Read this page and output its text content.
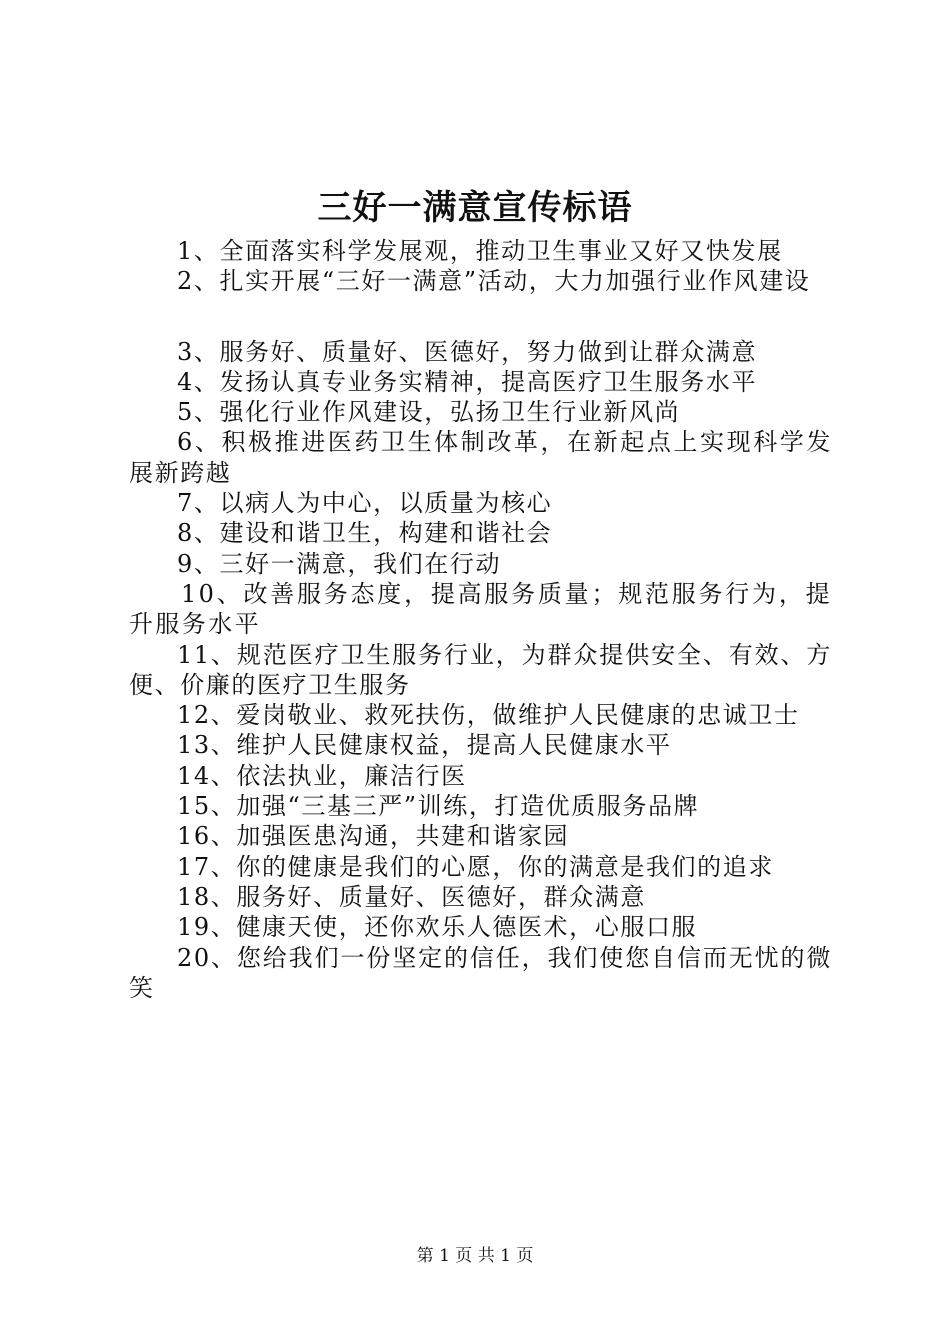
三好一满意宣传标语

1、全面落实科学发展观，推动卫生事业又好又快发展

2、扎实开展“三好一满意”活动，大力加强行业作风建设

3、服务好、质量好、医德好，努力做到让群众满意

4、发扬认真专业务实精神，提高医疗卫生服务水平

5、强化行业作风建设，弘扬卫生行业新风尚

6、积极推进医药卫生体制改革，在新起点上实现科学发展新跨越

7、以病人为中心，以质量为核心

8、建设和谐卫生，构建和谐社会

9、三好一满意，我们在行动

10、改善服务态度，提高服务质量；规范服务行为，提升服务水平

11、规范医疗卫生服务行业，为群众提供安全、有效、方便、价廉的医疗卫生服务

12、爱岗敬业、救死扶伤，做维护人民健康的忠诚卫士

13、维护人民健康权益，提高人民健康水平

14、依法执业，廉洁行医

15、加强“三基三严”训练，打造优质服务品牌

16、加强医患沟通，共建和谐家园

17、你的健康是我们的心愿，你的满意是我们的追求

18、服务好、质量好、医德好，群众满意

19、健康天使，还你欢乐人德医术，心服口服

20、您给我们一份坚定的信任，我们使您自信而无忧的微笑

第 1 页 共 1 页
